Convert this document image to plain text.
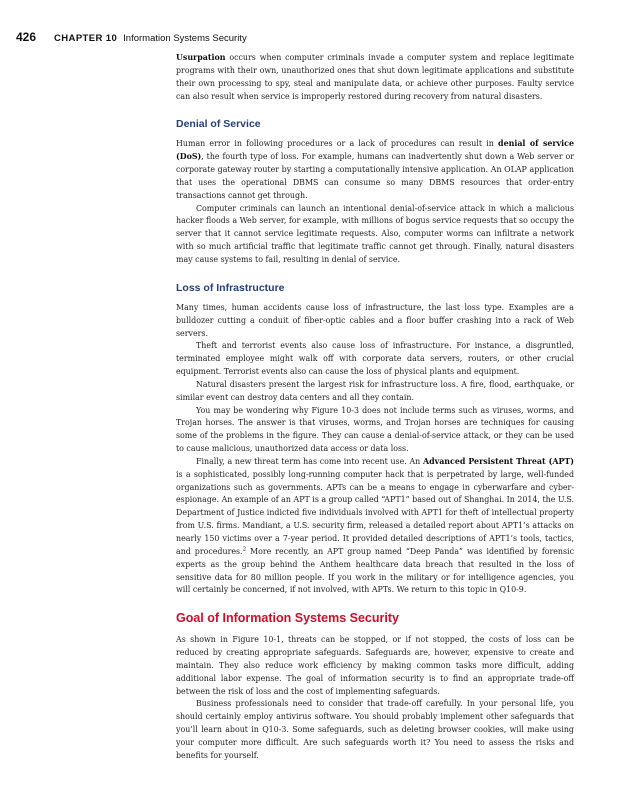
426 CHAPTER 10 Information Systems Security

Usurpation occurs when computer criminals invade a computer system and replace legitimate programs with their own, unauthorized ones that shut down legitimate applications and substitute their own processing to spy, steal and manipulate data, or achieve other purposes. Faulty service can also result when service is improperly restored during recovery from natural disasters.

Denial of Service

Human error in following procedures or a lack of procedures can result in denial of service (DoS), the fourth type of loss. For example, humans can inadvertently shut down a Web server or corporate gateway router by starting a computationally intensive application. An OLAP application that uses the operational DBMS can consume so many DBMS resources that order-entry transactions cannot get through.

Computer criminals can launch an intentional denial-of-service attack in which a malicious hacker floods a Web server, for example, with millions of bogus service requests that so occupy the server that it cannot service legitimate requests. Also, computer worms can infiltrate a network with so much artificial traffic that legitimate traffic cannot get through. Finally, natural disasters may cause systems to fail, resulting in denial of service.

Loss of Infrastructure

Many times, human accidents cause loss of infrastructure, the last loss type. Examples are a bulldozer cutting a conduit of fiber-optic cables and a floor buffer crashing into a rack of Web servers.

Theft and terrorist events also cause loss of infrastructure. For instance, a disgruntled, terminated employee might walk off with corporate data servers, routers, or other crucial equipment. Terrorist events also can cause the loss of physical plants and equipment.

Natural disasters present the largest risk for infrastructure loss. A fire, flood, earthquake, or similar event can destroy data centers and all they contain.

You may be wondering why Figure 10-3 does not include terms such as viruses, worms, and Trojan horses. The answer is that viruses, worms, and Trojan horses are techniques for causing some of the problems in the figure. They can cause a denial-of-service attack, or they can be used to cause malicious, unauthorized data access or data loss.

Finally, a new threat term has come into recent use. An Advanced Persistent Threat (APT) is a sophisticated, possibly long-running computer hack that is perpetrated by large, well-funded organizations such as governments. APTs can be a means to engage in cyberwarfare and cyber-espionage. An example of an APT is a group called “APT1” based out of Shanghai. In 2014, the U.S. Department of Justice indicted five individuals involved with APT1 for theft of intellectual property from U.S. firms. Mandiant, a U.S. security firm, released a detailed report about APT1’s attacks on nearly 150 victims over a 7-year period. It provided detailed descriptions of APT1’s tools, tactics, and procedures.$^2$ More recently, an APT group named “Deep Panda” was identified by forensic experts as the group behind the Anthem healthcare data breach that resulted in the loss of sensitive data for 80 million people. If you work in the military or for intelligence agencies, you will certainly be concerned, if not involved, with APTs. We return to this topic in Q10-9.

Goal of Information Systems Security

As shown in Figure 10-1, threats can be stopped, or if not stopped, the costs of loss can be reduced by creating appropriate safeguards. Safeguards are, however, expensive to create and maintain. They also reduce work efficiency by making common tasks more difficult, adding additional labor expense. The goal of information security is to find an appropriate trade-off between the risk of loss and the cost of implementing safeguards.

Business professionals need to consider that trade-off carefully. In your personal life, you should certainly employ antivirus software. You should probably implement other safeguards that you’ll learn about in Q10-3. Some safeguards, such as deleting browser cookies, will make using your computer more difficult. Are such safeguards worth it? You need to assess the risks and benefits for yourself.
